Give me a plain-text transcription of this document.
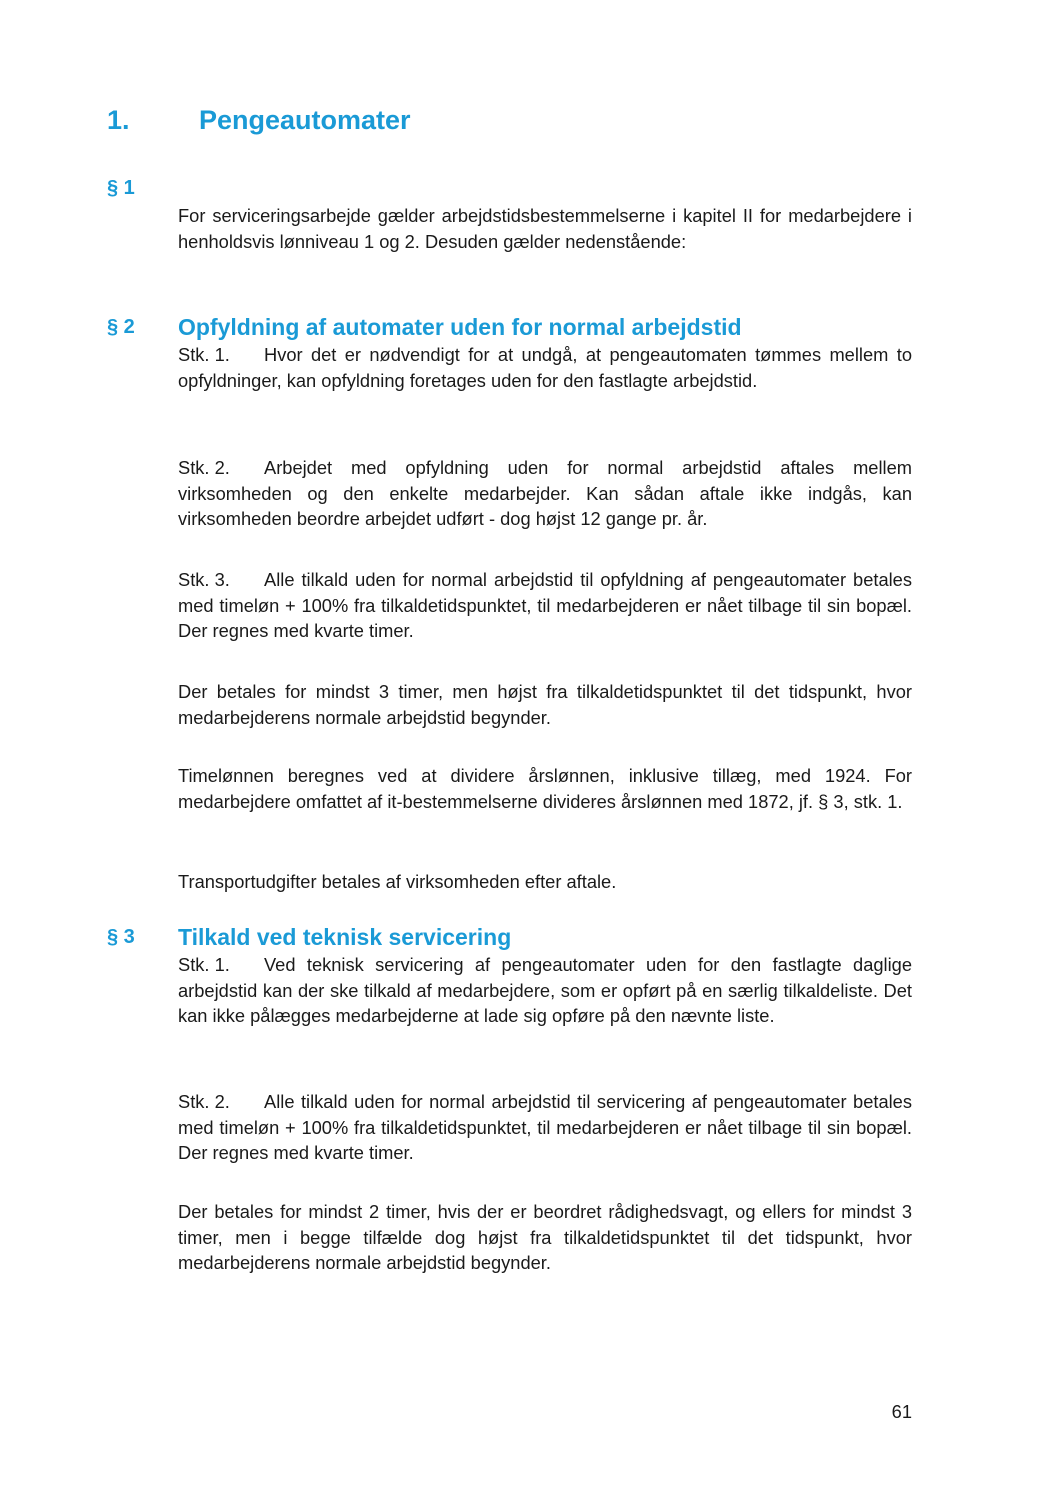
1.	Pengeautomater
§ 1

For serviceringsarbejde gælder arbejdstidsbestemmelserne i kapitel II for medarbejdere i henholdsvis lønniveau 1 og 2. Desuden gælder nedenstående:

§ 2 Opfyldning af automater uden for normal arbejdstid

Stk. 1. Hvor det er nødvendigt for at undgå, at pengeautomaten tømmes mellem to opfyldninger, kan opfyldning foretages uden for den fastlagte arbejdstid.

Stk. 2. Arbejdet med opfyldning uden for normal arbejdstid aftales mellem virksomheden og den enkelte medarbejder. Kan sådan aftale ikke indgås, kan virksomheden beordre arbejdet udført - dog højst 12 gange pr. år.

Stk. 3. Alle tilkald uden for normal arbejdstid til opfyldning af pengeautomater betales med timeløn + 100% fra tilkaldetidspunktet, til medarbejderen er nået tilbage til sin bopæl. Der regnes med kvarte timer.

Der betales for mindst 3 timer, men højst fra tilkaldetidspunktet til det tidspunkt, hvor medarbejderens normale arbejdstid begynder.

Timelønnen beregnes ved at dividere årslønnen, inklusive tillæg, med 1924. For medarbejdere omfattet af it-bestemmelserne divideres årslønnen med 1872, jf. § 3, stk. 1.

Transportudgifter betales af virksomheden efter aftale.

§ 3 Tilkald ved teknisk servicering

Stk. 1. Ved teknisk servicering af pengeautomater uden for den fastlagte daglige arbejdstid kan der ske tilkald af medarbejdere, som er opført på en særlig tilkaldeliste. Det kan ikke pålægges medarbejderne at lade sig opføre på den nævnte liste.

Stk. 2. Alle tilkald uden for normal arbejdstid til servicering af pengeautomater betales med timeløn + 100% fra tilkaldetidspunktet, til medarbejderen er nået tilbage til sin bopæl. Der regnes med kvarte timer.

Der betales for mindst 2 timer, hvis der er beordret rådighedsvagt, og ellers for mindst 3 timer, men i begge tilfælde dog højst fra tilkaldetidspunktet til det tidspunkt, hvor medarbejderens normale arbejdstid begynder.

61
